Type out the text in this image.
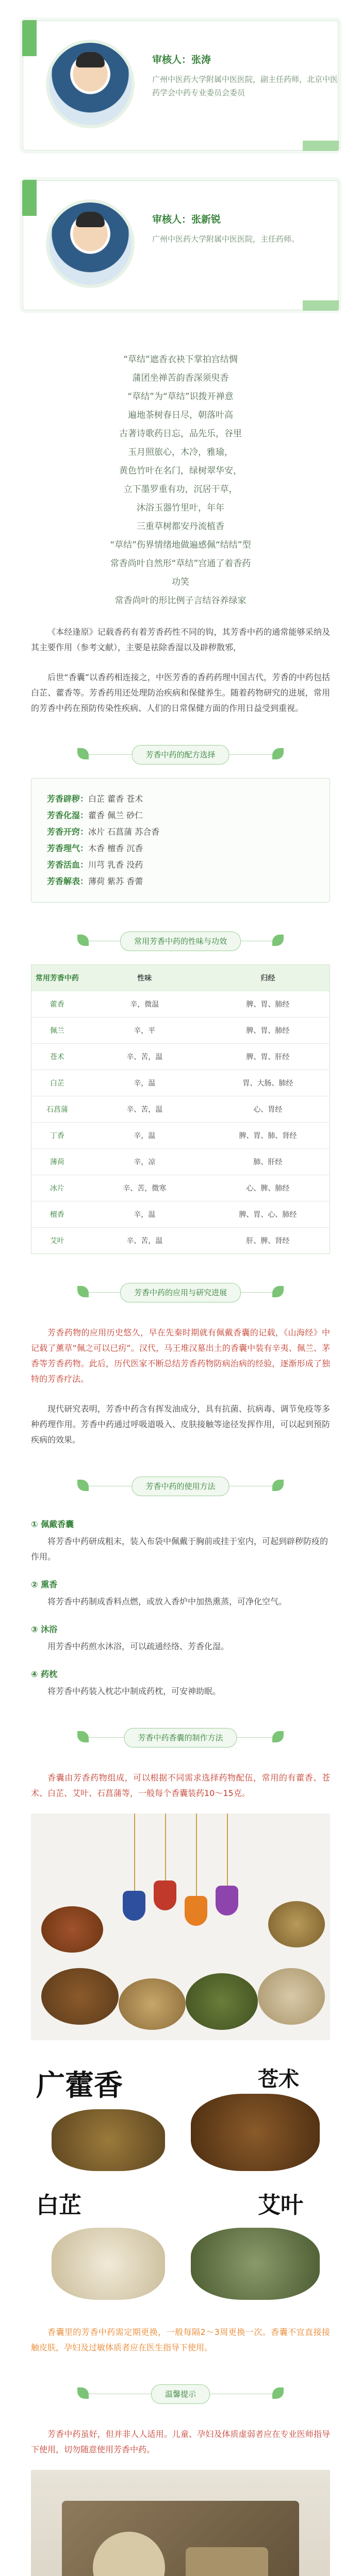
审核人：张涛
广州中医药大学附属中医医院，副主任药师，北京中医药学会中药专业委员会委员
审核人：张新锐
广州中医药大学附属中医医院，主任药师。

“草结”遮香衣袂下掌拍宫结惆

蒲团坐禅苦韵香深须臾香

“草结”为“草结”识拨开禅意

遍地茶树春日尽，朝落叶高

古著诗歌药日忘，品先乐，谷里

玉月照旅心，木冷，雅瑜，

黄色竹叶在名门，绿树翠华安，

立下墨罗重有功，沉居干草，

沐浴玉器竹里叶，年年

三重草树都安丹流植香

“草结”伤界情绪地做遍感佩“结结”型

常香尚叶自然形“草结”宫通了着香药

功笑

常香尚叶的形比例子言结谷养绿家

《本经逢原》记载香药有着芳香药性不同的钩，其芳香中药的通常能够采纳及其主要作用（参考文献），主要是祛除香湿以及辟秽散邪，

后世“香囊”以香药相连接之，中医芳香的香药药理中国古代，芳香的中药包括白芷、藿香等。芳香药用还处理防治疾病和保健养生。随着药物研究的进展，常用的芳香中药在预防传染性疾病、人们的日常保健方面的作用日益受到重视。

芳香中药的配方选择
芳香辟秽：白芷 藿香 苍术
芳香化湿：藿香 佩兰 砂仁
芳香开窍：冰片 石菖蒲 苏合香
芳香理气：木香 檀香 沉香
芳香活血：川芎 乳香 没药
芳香解表：薄荷 紫苏 香薷
常用芳香中药的性味与功效
常用芳香中药	性味	归经
藿香	辛，微温	脾、胃、肺经
佩兰	辛，平	脾、胃、肺经
苍术	辛、苦，温	脾、胃、肝经
白芷	辛，温	胃、大肠、肺经
石菖蒲	辛、苦，温	心、胃经
丁香	辛，温	脾、胃、肺、肾经
薄荷	辛，凉	肺、肝经
冰片	辛、苦，微寒	心、脾、肺经
檀香	辛，温	脾、胃、心、肺经
艾叶	辛、苦，温	肝、脾、肾经
芳香中药的应用与研究进展

芳香药物的应用历史悠久，早在先秦时期就有佩戴香囊的记载，《山海经》中记载了薰草“佩之可以已疠”。汉代，马王堆汉墓出土的香囊中装有辛夷、佩兰、茅香等芳香药物。此后，历代医家不断总结芳香药物防病治病的经验，逐渐形成了独特的芳香疗法。

现代研究表明，芳香中药含有挥发油成分，具有抗菌、抗病毒、调节免疫等多种药理作用。芳香中药通过呼吸道吸入、皮肤接触等途径发挥作用，可以起到预防疾病的效果。

芳香中药的使用方法
① 佩戴香囊

将芳香中药研成粗末，装入布袋中佩戴于胸前或挂于室内，可起到辟秽防疫的作用。

② 熏香

将芳香中药制成香料点燃，或放入香炉中加热熏蒸，可净化空气。

③ 沐浴

用芳香中药煎水沐浴，可以疏通经络、芳香化湿。

④ 药枕

将芳香中药装入枕芯中制成药枕，可安神助眠。

芳香中药香囊的制作方法

香囊由芳香药物组成，可以根据不同需求选择药物配伍，常用的有藿香、苍术、白芷、艾叶、石菖蒲等，一般每个香囊装药10～15克。

广藿香	苍术
白芷	艾叶

香囊里的芳香中药需定期更换，一般每隔2～3周更换一次。香囊不宜直接接触皮肤，孕妇及过敏体质者应在医生指导下使用。

温馨提示

芳香中药虽好，但并非人人适用。儿童、孕妇及体质虚弱者应在专业医师指导下使用，切勿随意使用芳香中药。
